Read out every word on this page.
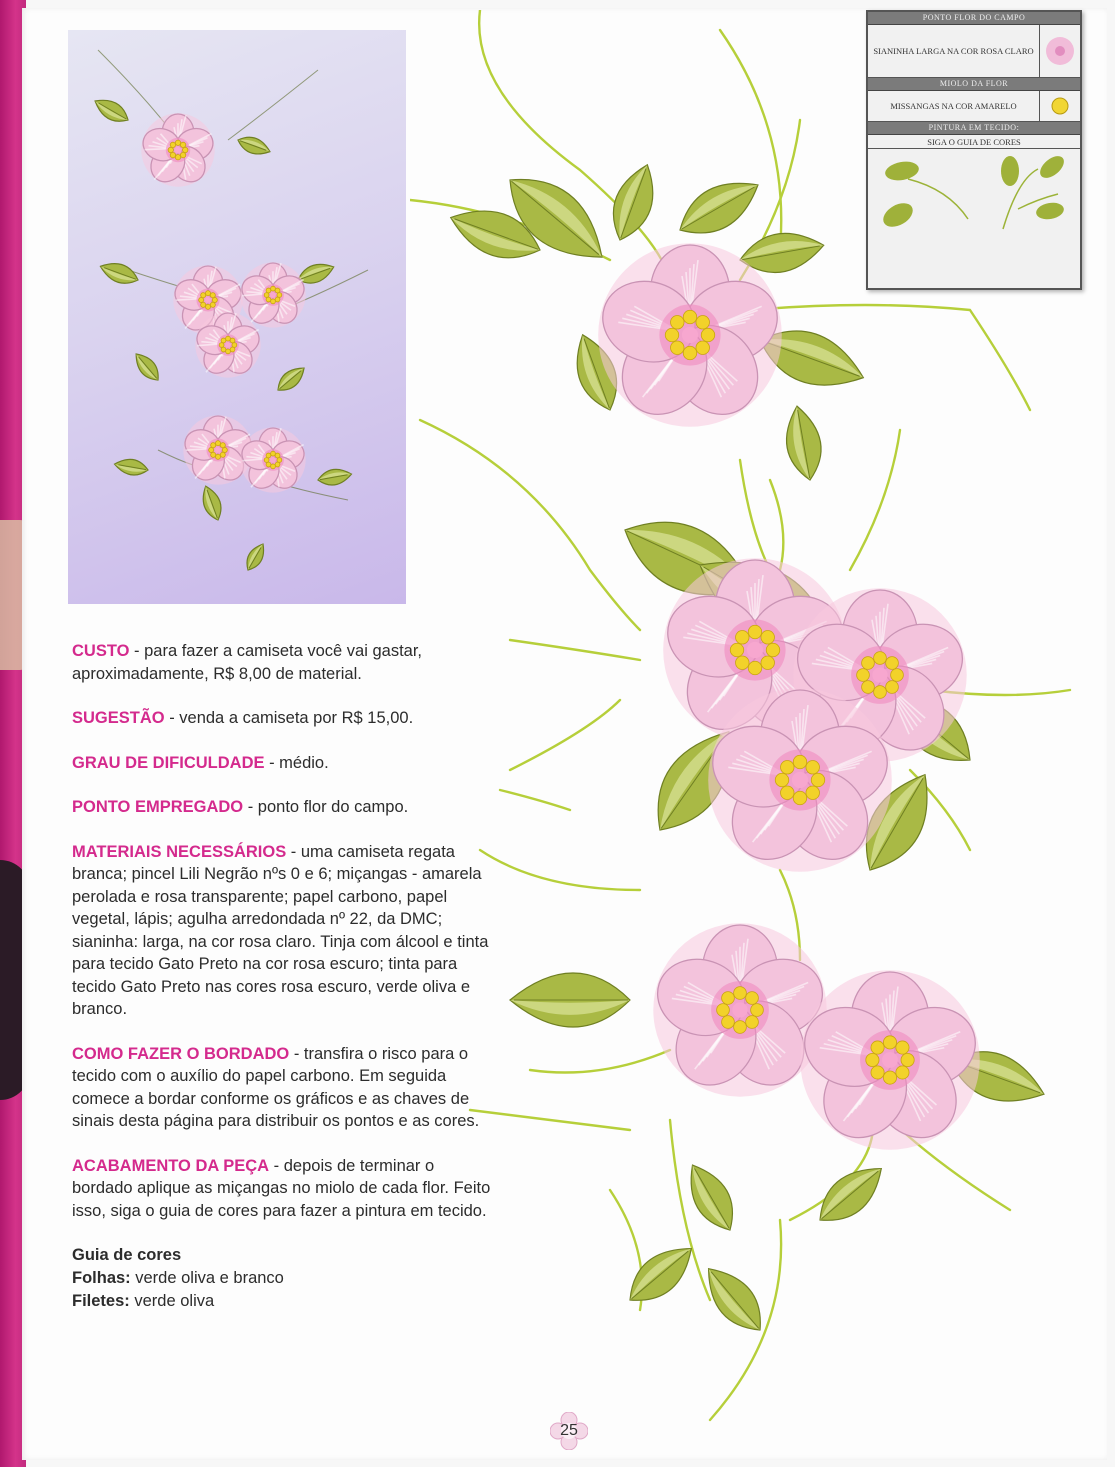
CUSTO - para fazer a camiseta você vai gastar, aproximadamente, R$ 8,00 de material.

SUGESTÃO - venda a camiseta por R$ 15,00.

GRAU DE DIFICULDADE - médio.

PONTO EMPREGADO - ponto flor do campo.

MATERIAIS NECESSÁRIOS - uma camiseta regata branca; pincel Lili Negrão nºs 0 e 6; miçangas - amarela perolada e rosa transparente; papel carbono, papel vegetal, lápis; agulha arredondada nº 22, da DMC; sianinha: larga, na cor rosa claro. Tinja com álcool e tinta para tecido Gato Preto na cor rosa escuro; tinta para tecido Gato Preto nas cores rosa escuro, verde oliva e branco.

COMO FAZER O BORDADO - transfira o risco para o tecido com o auxílio do papel carbono. Em seguida comece a bordar conforme os gráficos e as chaves de sinais desta página para distribuir os pontos e as cores.

ACABAMENTO DA PEÇA - depois de terminar o bordado aplique as miçangas no miolo de cada flor. Feito isso, siga o guia de cores para fazer a pintura em tecido.

Guia de cores
Folhas: verde oliva e branco
Filetes: verde oliva
PONTO FLOR DO CAMPO
SIANINHA LARGA NA COR ROSA CLARO
MIOLO DA FLOR
MISSANGAS NA COR AMARELO
PINTURA EM TECIDO:
SIGA O GUIA DE CORES
25
